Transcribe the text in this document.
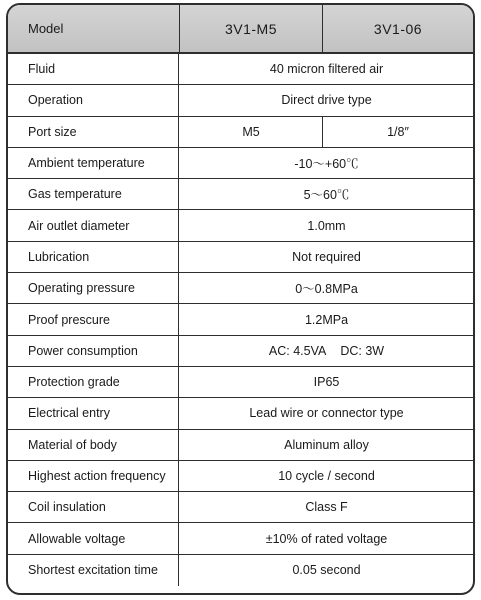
Model	3V1-M5	3V1-06
Fluid	40 micron filtered air
Operation	Direct drive type
Port size	M5	1/8″
Ambient temperature	-10～+60℃
Gas temperature	5～60℃
Air outlet diameter	1.0mm
Lubrication	Not required
Operating pressure	0～0.8MPa
Proof prescure	1.2MPa
Power consumption	AC: 4.5VA DC: 3W
Protection grade	IP65
Electrical entry	Lead wire or connector type
Material of body	Aluminum alloy
Highest action frequency	10 cycle / second
Coil insulation	Class F
Allowable voltage	±10% of rated voltage
Shortest excitation time	0.05 second
